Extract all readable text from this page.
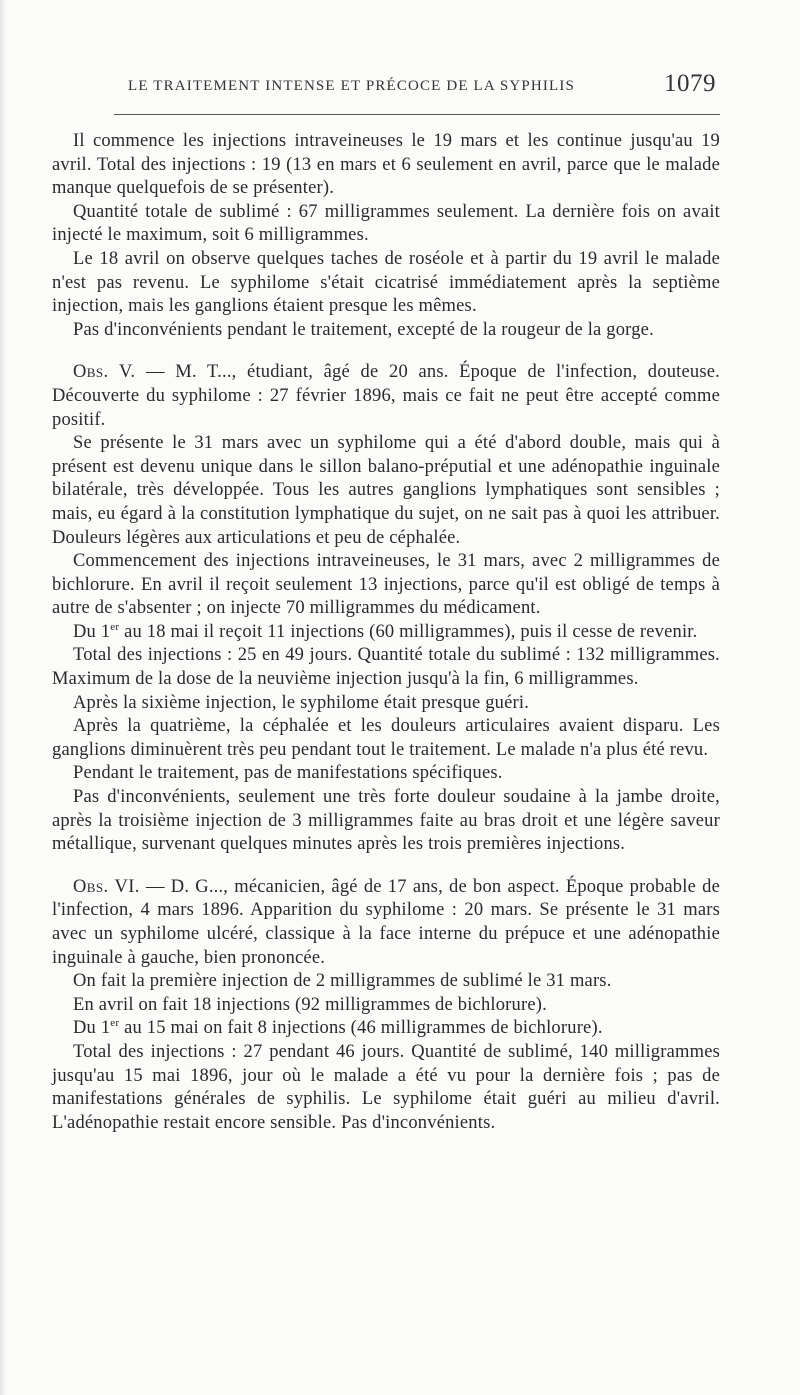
LE TRAITEMENT INTENSE ET PRÉCOCE DE LA SYPHILIS	1079

Il commence les injections intraveineuses le 19 mars et les continue jusqu'au 19 avril. Total des injections : 19 (13 en mars et 6 seulement en avril, parce que le malade manque quelquefois de se présenter).

Quantité totale de sublimé : 67 milligrammes seulement. La dernière fois on avait injecté le maximum, soit 6 milligrammes.

Le 18 avril on observe quelques taches de roséole et à partir du 19 avril le malade n'est pas revenu. Le syphilome s'était cicatrisé immédiatement après la septième injection, mais les ganglions étaient presque les mêmes.

Pas d'inconvénients pendant le traitement, excepté de la rougeur de la gorge.

Obs. V. — M. T..., étudiant, âgé de 20 ans. Époque de l'infection, douteuse. Découverte du syphilome : 27 février 1896, mais ce fait ne peut être accepté comme positif.

Se présente le 31 mars avec un syphilome qui a été d'abord double, mais qui à présent est devenu unique dans le sillon balano-préputial et une adénopathie inguinale bilatérale, très développée. Tous les autres ganglions lymphatiques sont sensibles ; mais, eu égard à la constitution lymphatique du sujet, on ne sait pas à quoi les attribuer. Douleurs légères aux articulations et peu de céphalée.

Commencement des injections intraveineuses, le 31 mars, avec 2 milligrammes de bichlorure. En avril il reçoit seulement 13 injections, parce qu'il est obligé de temps à autre de s'absenter ; on injecte 70 milligrammes du médicament.

Du 1er au 18 mai il reçoit 11 injections (60 milligrammes), puis il cesse de revenir.

Total des injections : 25 en 49 jours. Quantité totale du sublimé : 132 milligrammes. Maximum de la dose de la neuvième injection jusqu'à la fin, 6 milligrammes.

Après la sixième injection, le syphilome était presque guéri.

Après la quatrième, la céphalée et les douleurs articulaires avaient disparu. Les ganglions diminuèrent très peu pendant tout le traitement. Le malade n'a plus été revu.

Pendant le traitement, pas de manifestations spécifiques.

Pas d'inconvénients, seulement une très forte douleur soudaine à la jambe droite, après la troisième injection de 3 milligrammes faite au bras droit et une légère saveur métallique, survenant quelques minutes après les trois premières injections.

Obs. VI. — D. G..., mécanicien, âgé de 17 ans, de bon aspect. Époque probable de l'infection, 4 mars 1896. Apparition du syphilome : 20 mars. Se présente le 31 mars avec un syphilome ulcéré, classique à la face interne du prépuce et une adénopathie inguinale à gauche, bien prononcée.

On fait la première injection de 2 milligrammes de sublimé le 31 mars.

En avril on fait 18 injections (92 milligrammes de bichlorure).

Du 1er au 15 mai on fait 8 injections (46 milligrammes de bichlorure).

Total des injections : 27 pendant 46 jours. Quantité de sublimé, 140 milligrammes jusqu'au 15 mai 1896, jour où le malade a été vu pour la dernière fois ; pas de manifestations générales de syphilis. Le syphilome était guéri au milieu d'avril. L'adénopathie restait encore sensible. Pas d'inconvénients.
